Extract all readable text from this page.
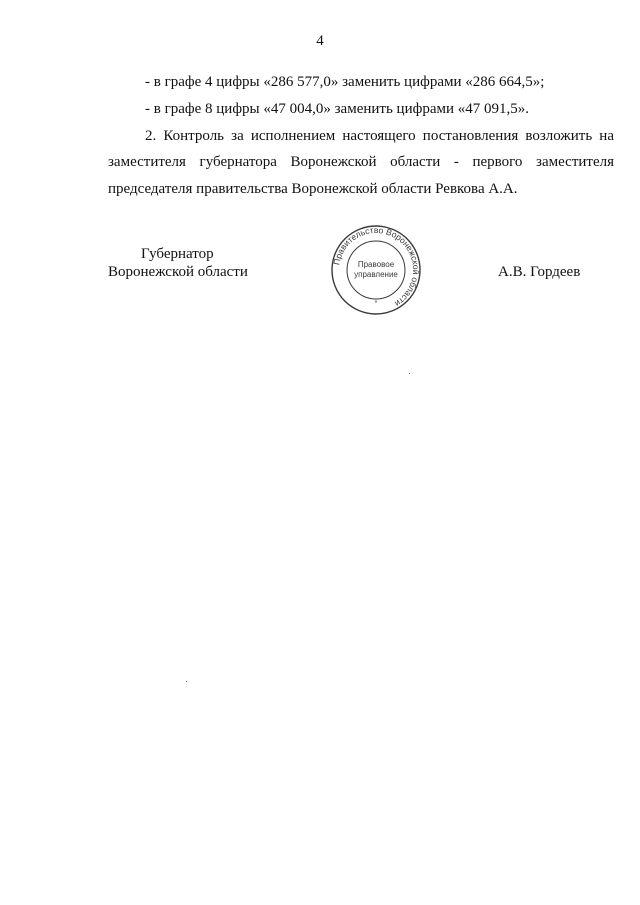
4
- в графе 4 цифры «286 577,0» заменить цифрами «286 664,5»;
- в графе 8 цифры «47 004,0» заменить цифрами «47 091,5».
2. Контроль за исполнением настоящего постановления возложить на
заместителя губернатора Воронежской области - первого заместителя
председателя правительства Воронежской области Ревкова А.А.
Губернатор
Воронежской области	А.В. Гордеев
Правительство Воронежской области
Правовое
управление
*
